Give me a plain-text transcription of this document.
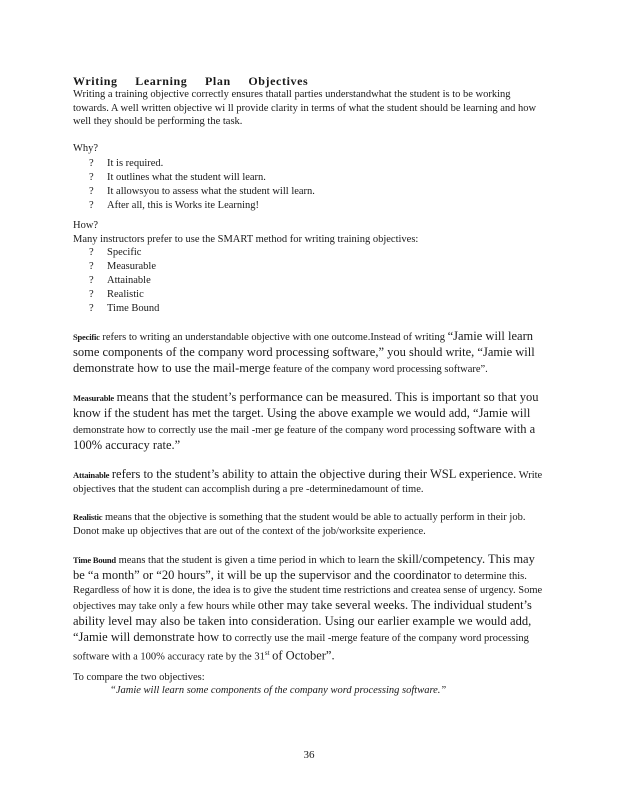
Writing Learning Plan Objectives

Writing a training objective correctly ensures thatall parties understandwhat the student is to be working towards. A well written objective wi ll provide clarity in terms of what the student should be learning and how well they should be performing the task.

Why?
? It is required.
? It outlines what the student will learn.
? It allowsyou to assess what the student will learn.
? After all, this is Works ite Learning!
How?
Many instructors prefer to use the SMART method for writing training objectives:
? Specific
? Measurable
? Attainable
? Realistic
? Time Bound

Specific refers to writing an understandable objective with one outcome.Instead of writing “Jamie will learn some components of the company word processing software,” you should write, “Jamie will demonstrate how to use the mail-merge feature of the company word processing software”.

Measurable means that the student’s performance can be measured. This is important so that you know if the student has met the target. Using the above example we would add, “Jamie will demonstrate how to correctly use the mail -mer ge feature of the company word processing software with a 100% accuracy rate.”

Attainable refers to the student’s ability to attain the objective during their WSL experience. Write objectives that the student can accomplish during a pre -determinedamount of time.

Realistic means that the objective is something that the student would be able to actually perform in their job. Donot make up objectives that are out of the context of the job/worksite experience.

Time Bound means that the student is given a time period in which to learn the skill/competency. This may be “a month” or “20 hours”, it will be up the supervisor and the coordinator to determine this. Regardless of how it is done, the idea is to give the student time restrictions and createa sense of urgency. Some objectives may take only a few hours while other may take several weeks. The individual student’s ability level may also be taken into consideration. Using our earlier example we would add, “Jamie will demonstrate how to correctly use the mail -merge feature of the company word processing software with a 100% accuracy rate by the 31st of October”.

To compare the two objectives:
“Jamie will learn some components of the company word processing software.”
36
